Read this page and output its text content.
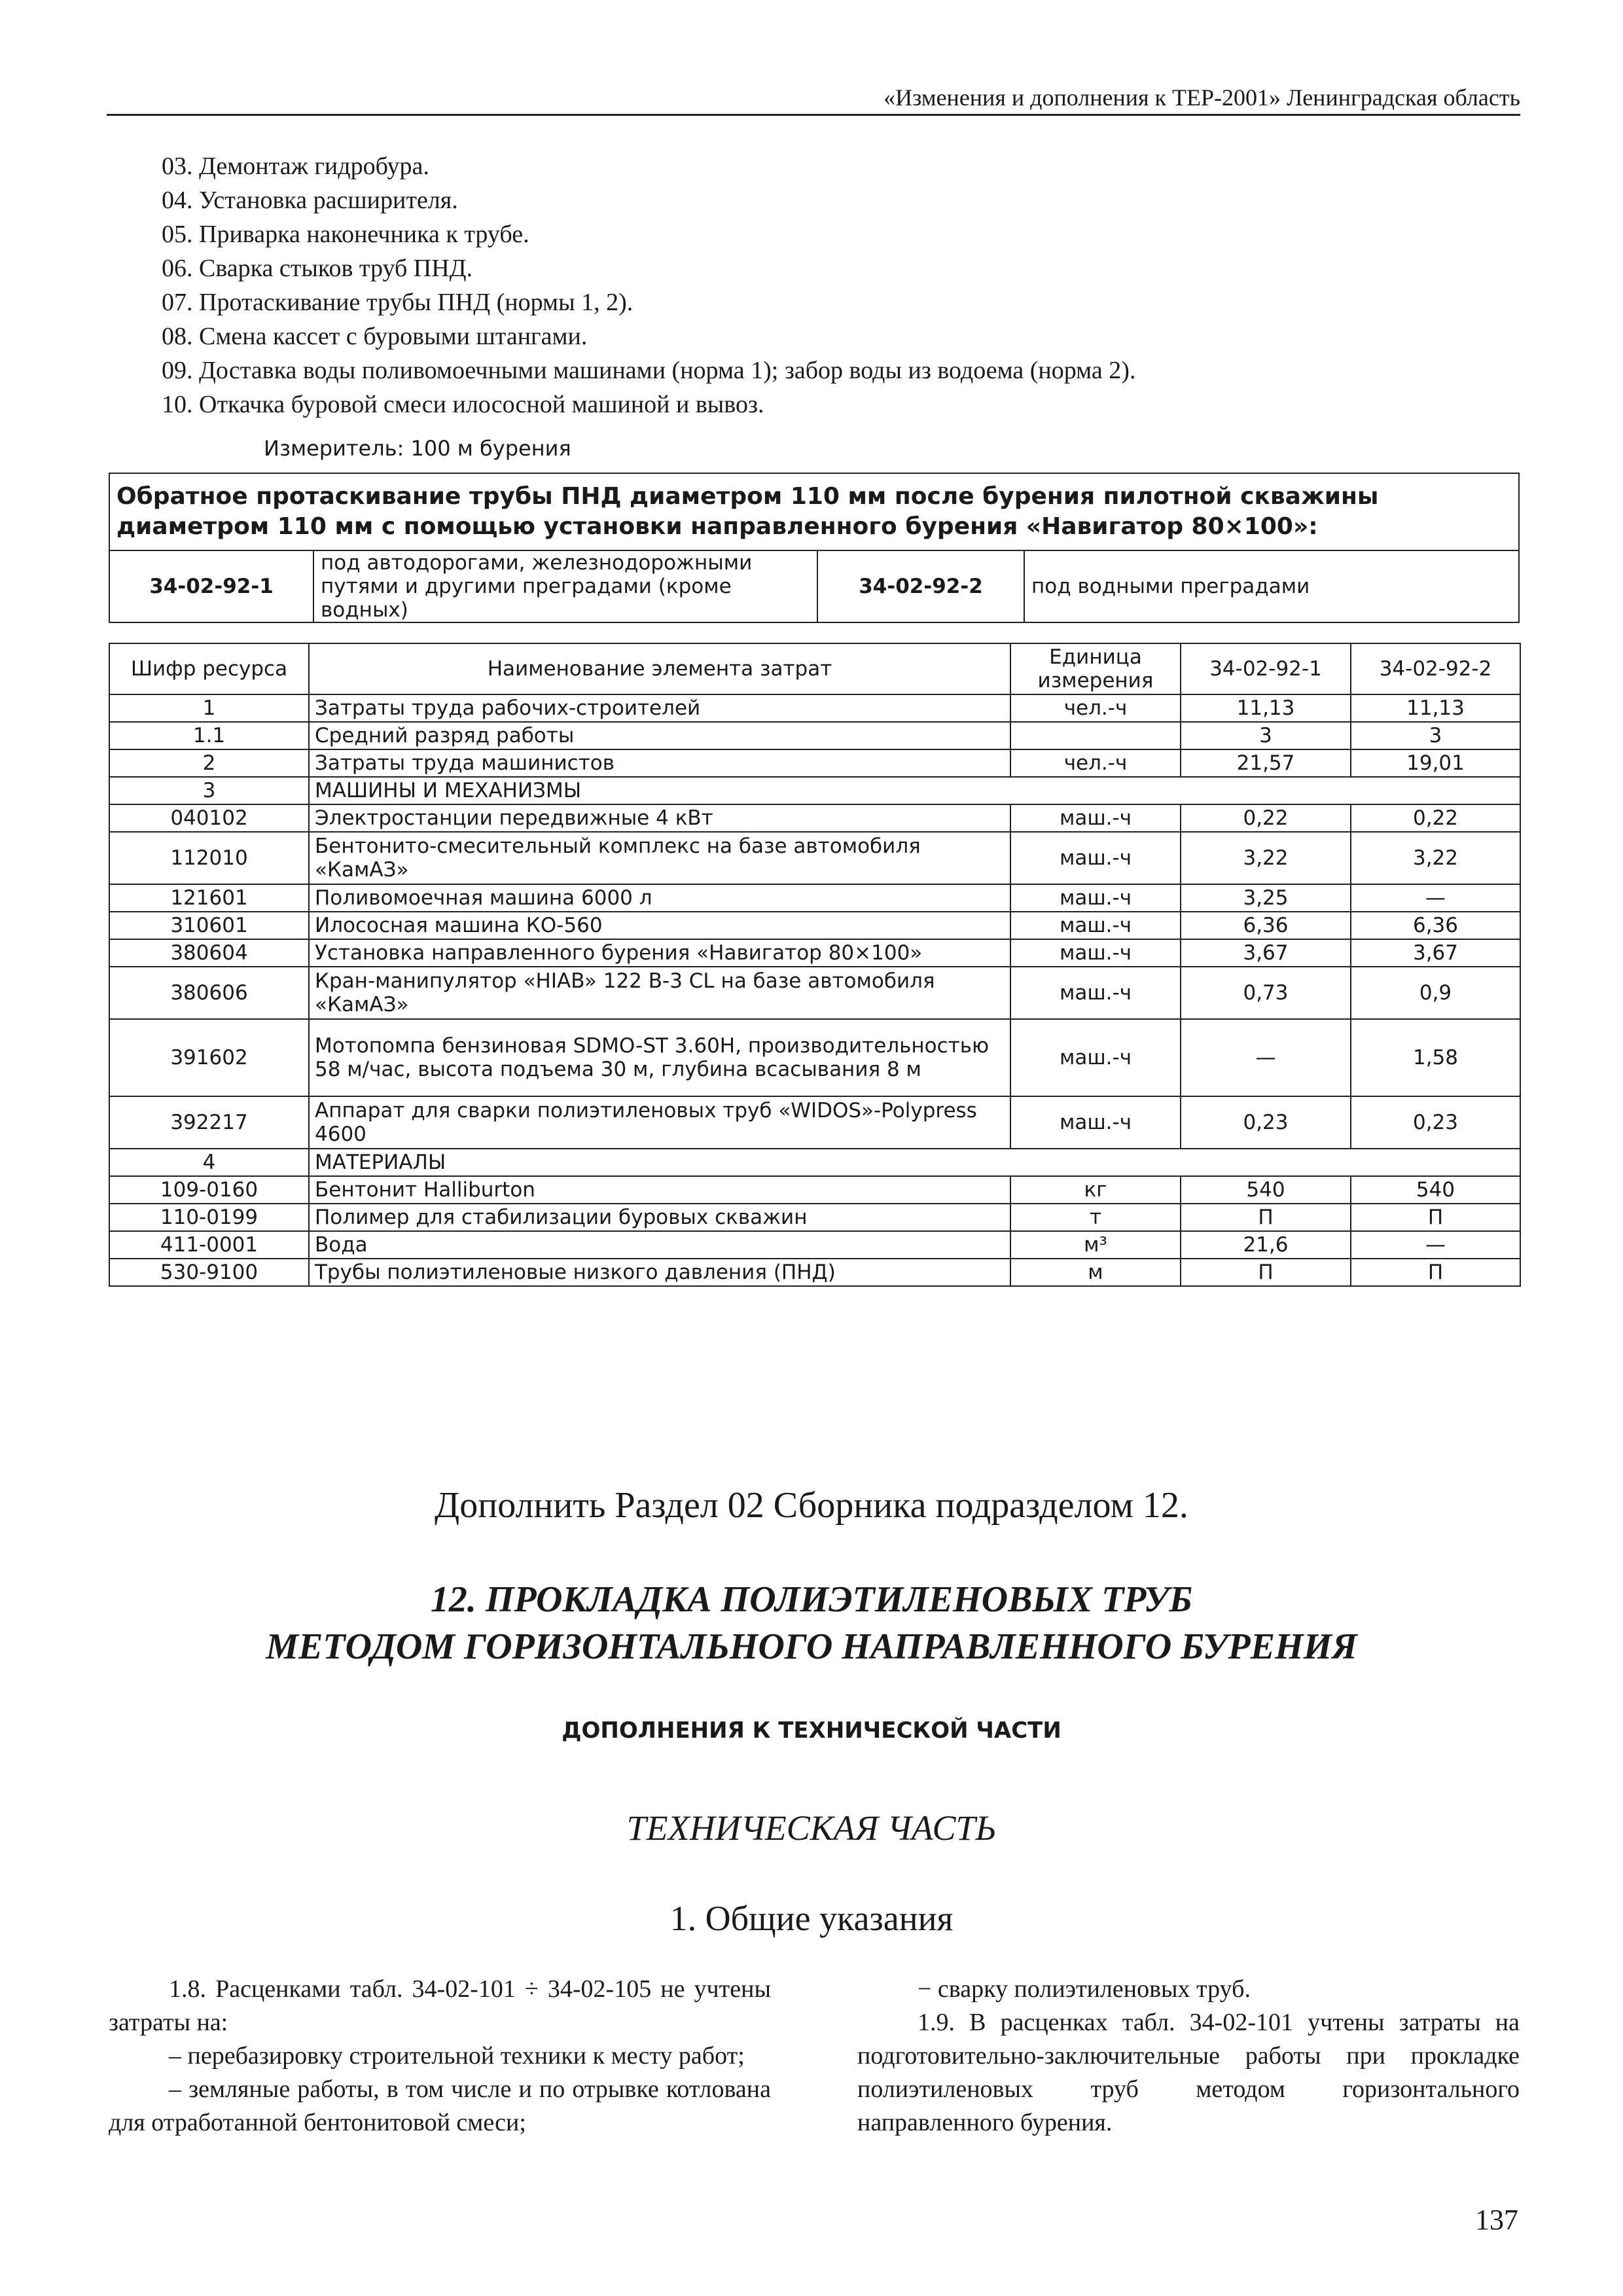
«Изменения и дополнения к ТЕР-2001» Ленинградская область
03. Демонтаж гидробура.
04. Установка расширителя.
05. Приварка наконечника к трубе.
06. Сварка стыков труб ПНД.
07. Протаскивание трубы ПНД (нормы 1, 2).
08. Смена кассет с буровыми штангами.
09. Доставка воды поливомоечными машинами (норма 1); забор воды из водоема (норма 2).
10. Откачка буровой смеси илососной машиной и вывоз.
Измеритель: 100 м бурения
Обратное протаскивание трубы ПНД диаметром 110 мм после бурения пилотной скважины диаметром 110 мм с помощью установки направленного бурения «Навигатор 80×100»:
34-02-92-1	под автодорогами, железнодорожными путями и другими преградами (кроме водных)	34-02-92-2	под водными преградами
Шифр ресурса	Наименование элемента затрат	Единица измерения	34-02-92-1	34-02-92-2
1	Затраты труда рабочих-строителей	чел.-ч	11,13	11,13
1.1	Средний разряд работы		3	3
2	Затраты труда машинистов	чел.-ч	21,57	19,01
3	МАШИНЫ И МЕХАНИЗМЫ			
040102	Электростанции передвижные 4 кВт	маш.-ч	0,22	0,22
112010	Бентонито-смесительный комплекс на базе автомобиля «КамАЗ»	маш.-ч	3,22	3,22
121601	Поливомоечная машина 6000 л	маш.-ч	3,25	—
310601	Илососная машина КО-560	маш.-ч	6,36	6,36
380604	Установка направленного бурения «Навигатор 80×100»	маш.-ч	3,67	3,67
380606	Кран-манипулятор «HIAB» 122 В-3 CL на базе автомобиля «КамАЗ»	маш.-ч	0,73	0,9
391602	Мотопомпа бензиновая SDMO-ST 3.60H, производительностью 58 м/час, высота подъема 30 м, глубина всасывания 8 м	маш.-ч	—	1,58
392217	Аппарат для сварки полиэтиленовых труб «WIDOS»-Polypress 4600	маш.-ч	0,23	0,23
4	МАТЕРИАЛЫ			
109-0160	Бентонит Halliburton	кг	540	540
110-0199	Полимер для стабилизации буровых скважин	т	П	П
411-0001	Вода	м³	21,6	—
530-9100	Трубы полиэтиленовые низкого давления (ПНД)	м	П	П
Дополнить Раздел 02 Сборника подразделом 12.
12. ПРОКЛАДКА ПОЛИЭТИЛЕНОВЫХ ТРУБ
МЕТОДОМ ГОРИЗОНТАЛЬНОГО НАПРАВЛЕННОГО БУРЕНИЯ
ДОПОЛНЕНИЯ К ТЕХНИЧЕСКОЙ ЧАСТИ
ТЕХНИЧЕСКАЯ ЧАСТЬ
1. Общие указания

1.8. Расценками табл. 34-02-101 ÷ 34-02-105 не учтены затраты на:

– перебазировку строительной техники к месту работ;

– земляные работы, в том числе и по отрывке котлована для отработанной бентонитовой смеси;

− сварку полиэтиленовых труб.

1.9. В расценках табл. 34-02-101 учтены затраты на подготовительно-заключительные работы при прокладке полиэтиленовых труб методом горизонтального направленного бурения.

137
